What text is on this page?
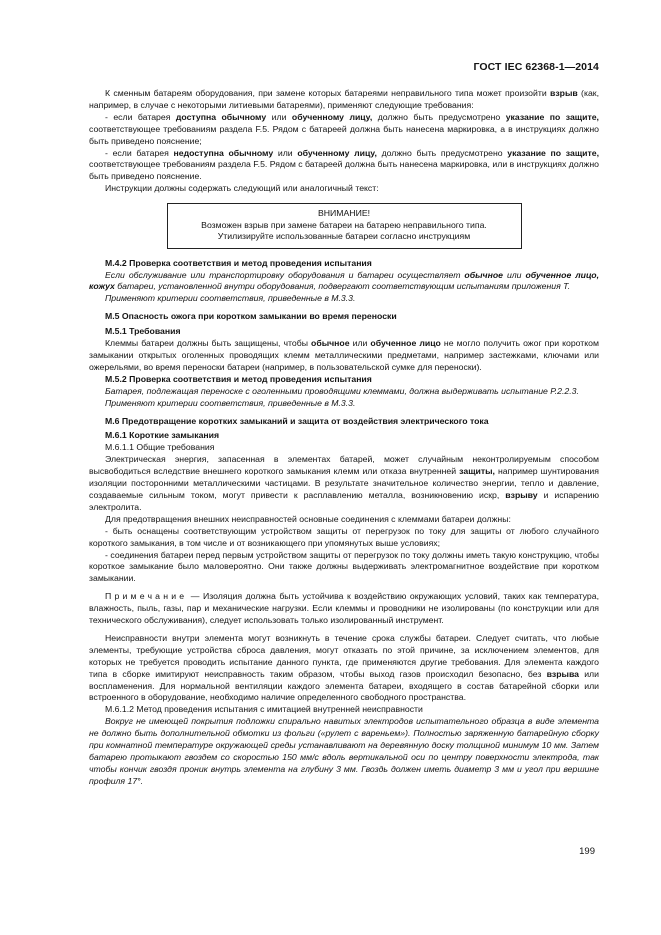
ГОСТ IEC 62368-1—2014

К сменным батареям оборудования, при замене которых батареями неправильного типа может произойти взрыв (как, например, в случае с некоторыми литиевыми батареями), применяют следующие требования:

- если батарея доступна обычному или обученному лицу, должно быть предусмотрено указание по защите, соответствующее требованиям раздела F.5. Рядом с батареей должна быть нанесена маркировка, а в инструкциях должно быть приведено пояснение;

- если батарея недоступна обычному или обученному лицу, должно быть предусмотрено указание по защите, соответствующее требованиям раздела F.5. Рядом с батареей должна быть нанесена маркировка, или в инструкциях должно быть приведено пояснение.

Инструкции должны содержать следующий или аналогичный текст:

ВНИМАНИЕ!
Возможен взрыв при замене батареи на батарею неправильного типа.
Утилизируйте использованные батареи согласно инструкциям

М.4.2 Проверка соответствия и метод проведения испытания

Если обслуживание или транспортировку оборудования и батареи осуществляет обычное или обученное лицо, кожух батареи, установленной внутри оборудования, подвергают соответствующим испытаниям приложения Т.

Применяют критерии соответствия, приведенные в М.3.3.

М.5 Опасность ожога при коротком замыкании во время переноски

М.5.1 Требования

Клеммы батареи должны быть защищены, чтобы обычное или обученное лицо не могло получить ожог при коротком замыкании открытых оголенных проводящих клемм металлическими предметами, например застежками, ключами или ожерельями, во время переноски батареи (например, в пользовательской сумке для переноски).

М.5.2 Проверка соответствия и метод проведения испытания

Батарея, подлежащая переноске с оголенными проводящими клеммами, должна выдерживать испытание Р.2.2.3.

Применяют критерии соответствия, приведенные в М.3.3.

М.6 Предотвращение коротких замыканий и защита от воздействия электрического тока

М.6.1 Короткие замыкания

М.6.1.1 Общие требования

Электрическая энергия, запасенная в элементах батарей, может случайным неконтролируемым способом высвободиться вследствие внешнего короткого замыкания клемм или отказа внутренней защиты, например шунтирования изоляции посторонними металлическими частицами. В результате значительное количество энергии, тепло и давление, создаваемые сильным током, могут привести к расплавлению металла, возникновению искр, взрыву и испарению электролита.

Для предотвращения внешних неисправностей основные соединения с клеммами батареи должны:

- быть оснащены соответствующим устройством защиты от перегрузок по току для защиты от любого случайного короткого замыкания, в том числе и от возникающего при упомянутых выше условиях;

- соединения батареи перед первым устройством защиты от перегрузок по току должны иметь такую конструкцию, чтобы короткое замыкание было маловероятно. Они также должны выдерживать электромагнитное воздействие при коротком замыкании.

Примечание — Изоляция должна быть устойчива к воздействию окружающих условий, таких как температура, влажность, пыль, газы, пар и механические нагрузки. Если клеммы и проводники не изолированы (по конструкции или для технического обслуживания), следует использовать только изолированный инструмент.

Неисправности внутри элемента могут возникнуть в течение срока службы батареи. Следует считать, что любые элементы, требующие устройства сброса давления, могут отказать по этой причине, за исключением элементов, для которых не требуется проводить испытание данного пункта, где применяются другие требования. Для элемента каждого типа в сборке имитируют неисправность таким образом, чтобы выход газов происходил безопасно, без взрыва или воспламенения. Для нормальной вентиляции каждого элемента батареи, входящего в состав батарейной сборки или встроенного в оборудование, необходимо наличие определенного свободного пространства.

М.6.1.2 Метод проведения испытания с имитацией внутренней неисправности

Вокруг не имеющей покрытия подложки спирально навитых электродов испытательного образца в виде элемента не должно быть дополнительной обмотки из фольги («рулет с вареньем»). Полностью заряженную батарейную сборку при комнатной температуре окружающей среды устанавливают на деревянную доску толщиной минимум 10 мм. Затем батарею протыкают гвоздем со скоростью 150 мм/с вдоль вертикальной оси по центру поверхности электрода, так чтобы кончик гвоздя проник внутрь элемента на глубину 3 мм. Гвоздь должен иметь диаметр 3 мм и угол при вершине профиля 17°.

199
